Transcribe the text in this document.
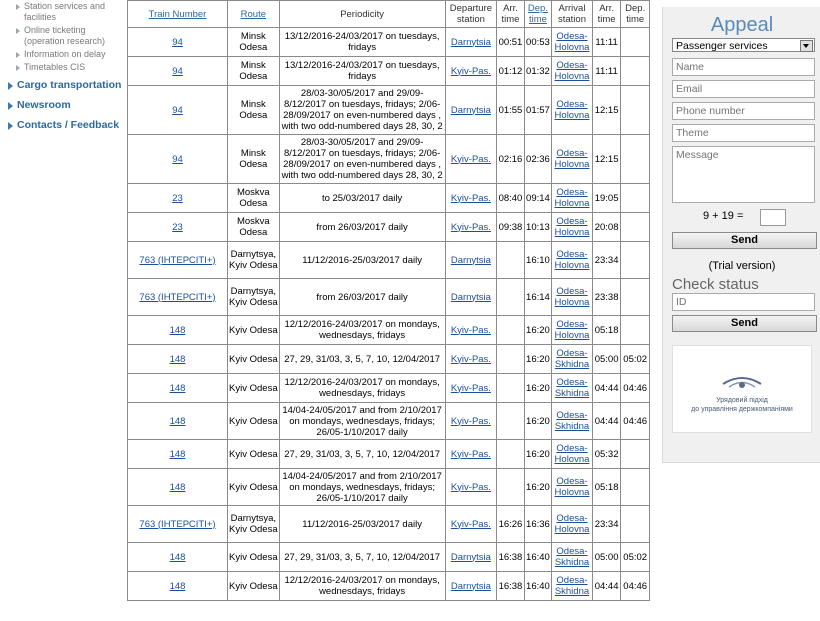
Station services and facilities
Online ticketing (operation research)
Information on delay
Timetables CIS
Cargo transportation
Newsroom
Contacts / Feedback
Train Number	Route	Periodicity	Departure station	Arr. time	Dep. time	Arrival station	Arr. time	Dep. time
94	Minsk Odesa	13/12/2016-24/03/2017 on tuesdays, fridays	Darnytsia	00:51	00:53	Odesa-Holovna	11:11	
94	Minsk Odesa	13/12/2016-24/03/2017 on tuesdays, fridays	Kyiv-Pas.	01:12	01:32	Odesa-Holovna	11:11	
94	Minsk Odesa	28/03-30/05/2017 and 29/09-8/12/2017 on tuesdays, fridays; 2/06-28/09/2017 on even-numbered days , with two odd-numbered days 28, 30, 2	Darnytsia	01:55	01:57	Odesa-Holovna	12:15	
94	Minsk Odesa	28/03-30/05/2017 and 29/09-8/12/2017 on tuesdays, fridays; 2/06-28/09/2017 on even-numbered days , with two odd-numbered days 28, 30, 2	Kyiv-Pas.	02:16	02:36	Odesa-Holovna	12:15	
23	Moskva Odesa	to 25/03/2017 daily	Kyiv-Pas.	08:40	09:14	Odesa-Holovna	19:05	
23	Moskva Odesa	from 26/03/2017 daily	Kyiv-Pas.	09:38	10:13	Odesa-Holovna	20:08	
763 (ІНТЕРСІТІ+)	Darnytsya, Kyiv Odesa	11/12/2016-25/03/2017 daily	Darnytsia		16:10	Odesa-Holovna	23:34	
763 (ІНТЕРСІТІ+)	Darnytsya, Kyiv Odesa	from 26/03/2017 daily	Darnytsia		16:14	Odesa-Holovna	23:38	
148	Kyiv Odesa	12/12/2016-24/03/2017 on mondays, wednesdays, fridays	Kyiv-Pas.		16:20	Odesa-Holovna	05:18	
148	Kyiv Odesa	27, 29, 31/03, 3, 5, 7, 10, 12/04/2017	Kyiv-Pas.		16:20	Odesa-Skhidna	05:00	05:02
148	Kyiv Odesa	12/12/2016-24/03/2017 on mondays, wednesdays, fridays	Kyiv-Pas.		16:20	Odesa-Skhidna	04:44	04:46
148	Kyiv Odesa	14/04-24/05/2017 and from 2/10/2017 on mondays, wednesdays, fridays; 26/05-1/10/2017 daily	Kyiv-Pas.		16:20	Odesa-Skhidna	04:44	04:46
148	Kyiv Odesa	27, 29, 31/03, 3, 5, 7, 10, 12/04/2017	Kyiv-Pas.		16:20	Odesa-Holovna	05:32	
148	Kyiv Odesa	14/04-24/05/2017 and from 2/10/2017 on mondays, wednesdays, fridays; 26/05-1/10/2017 daily	Kyiv-Pas.		16:20	Odesa-Holovna	05:18	
763 (ІНТЕРСІТІ+)	Darnytsya, Kyiv Odesa	11/12/2016-25/03/2017 daily	Kyiv-Pas.	16:26	16:36	Odesa-Holovna	23:34	
148	Kyiv Odesa	27, 29, 31/03, 3, 5, 7, 10, 12/04/2017	Darnytsia	16:38	16:40	Odesa-Skhidna	05:00	05:02
148	Kyiv Odesa	12/12/2016-24/03/2017 on mondays, wednesdays, fridays	Darnytsia	16:38	16:40	Odesa-Skhidna	04:44	04:46
Appeal
Passenger services
Name
Email
Phone number
Theme
Message
9 + 19 =
Send
(Trial version)
Check status
ID
Send
Урядовий підхід
до управління держкомпаніями
